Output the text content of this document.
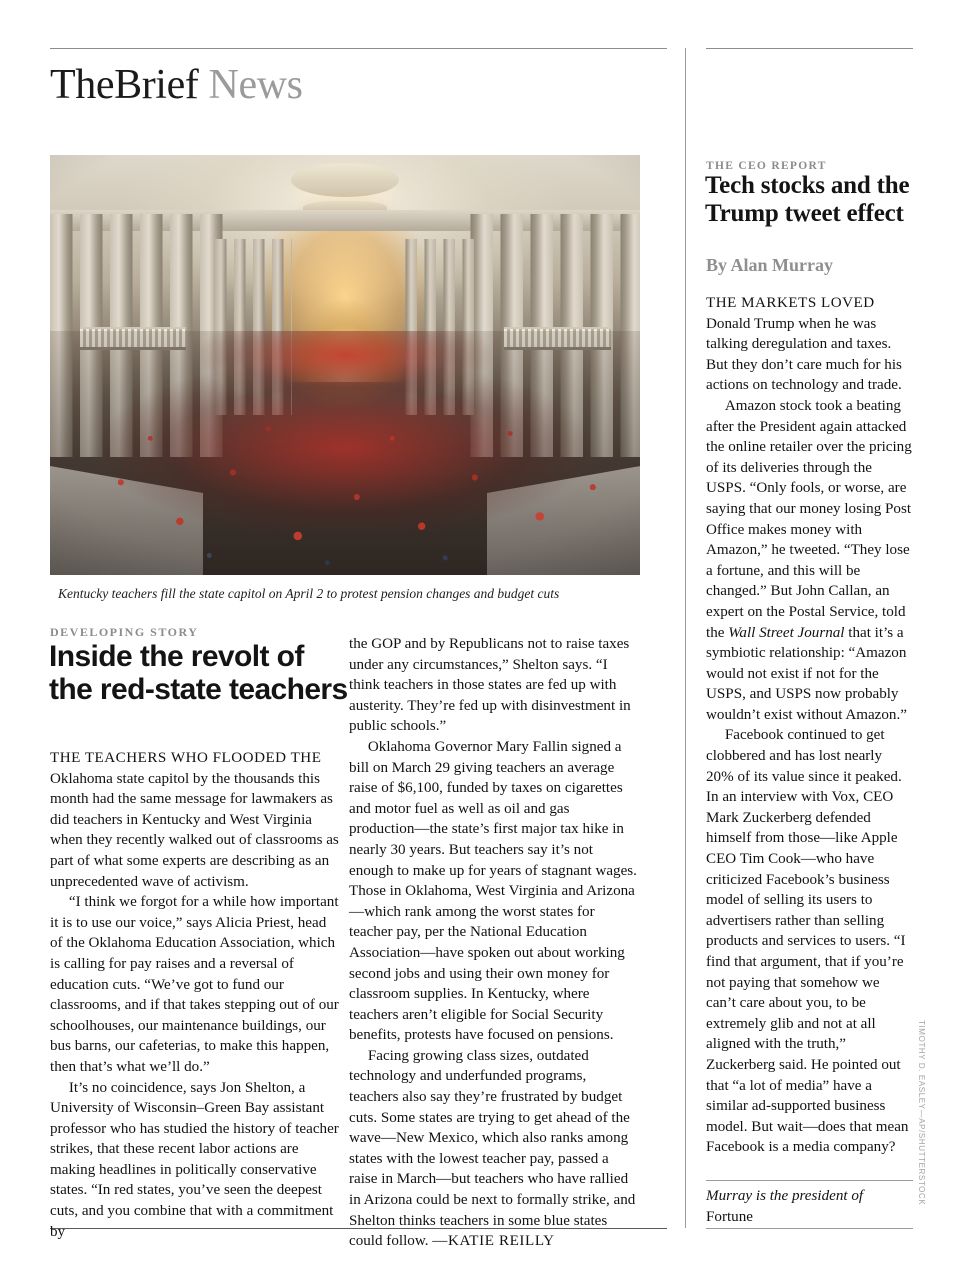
TheBrief News
TIMOTHY D. EASLEY—AP/SHUTTERSTOCK
Kentucky teachers fill the state capitol on April 2 to protest pension changes and budget cuts
DEVELOPING STORY
Inside the revolt of the red-state teachers

THE TEACHERS WHO FLOODED THE Oklahoma state capitol by the thousands this month had the same message for lawmakers as did teachers in Kentucky and West Virginia when they recently walked out of classrooms as part of what some experts are describing as an unprecedented wave of activism.

“I think we forgot for a while how important it is to use our voice,” says Alicia Priest, head of the Oklahoma Education Association, which is calling for pay raises and a reversal of education cuts. “We’ve got to fund our classrooms, and if that takes stepping out of our schoolhouses, our maintenance buildings, our bus barns, our cafeterias, to make this happen, then that’s what we’ll do.”

It’s no coincidence, says Jon Shelton, a University of Wisconsin–Green Bay assistant professor who has studied the history of teacher strikes, that these recent labor actions are making headlines in politically conservative states. “In red states, you’ve seen the deepest cuts, and you combine that with a commitment by

the GOP and by Republicans not to raise taxes under any circumstances,” Shelton says. “I think teachers in those states are fed up with austerity. They’re fed up with disinvestment in public schools.”

Oklahoma Governor Mary Fallin signed a bill on March 29 giving teachers an average raise of $6,100, funded by taxes on cigarettes and motor fuel as well as oil and gas production—the state’s first major tax hike in nearly 30 years. But teachers say it’s not enough to make up for years of stagnant wages. Those in Oklahoma, West Virginia and Arizona—which rank among the worst states for teacher pay, per the National Education Association—have spoken out about working second jobs and using their own money for classroom supplies. In Kentucky, where teachers aren’t eligible for Social Security benefits, protests have focused on pensions.

Facing growing class sizes, outdated technology and underfunded programs, teachers also say they’re frustrated by budget cuts. Some states are trying to get ahead of the wave—New Mexico, which also ranks among states with the lowest teacher pay, passed a raise in March—but teachers who have rallied in Arizona could be next to formally strike, and Shelton thinks teachers in some blue states could follow. —KATIE REILLY

THE CEO REPORT
Tech stocks and the Trump tweet effect
By Alan Murray

THE MARKETS LOVED Donald Trump when he was talking deregulation and taxes. But they don’t care much for his actions on technology and trade.

Amazon stock took a beating after the President again attacked the online retailer over the pricing of its deliveries through the USPS. “Only fools, or worse, are saying that our money losing Post Office makes money with Amazon,” he tweeted. “They lose a fortune, and this will be changed.” But John Callan, an expert on the Postal Service, told the Wall Street Journal that it’s a symbiotic relationship: “Amazon would not exist if not for the USPS, and USPS now probably wouldn’t exist without Amazon.”

Facebook continued to get clobbered and has lost nearly 20% of its value since it peaked. In an interview with Vox, CEO Mark Zuckerberg defended himself from those—like Apple CEO Tim Cook—who have criticized Facebook’s business model of selling its users to advertisers rather than selling products and services to users. “I find that argument, that if you’re not paying that somehow we can’t care about you, to be extremely glib and not at all aligned with the truth,” Zuckerberg said. He pointed out that “a lot of media” have a similar ad-supported business model. But wait—does that mean Facebook is a media company?

Murray is the president of Fortune
